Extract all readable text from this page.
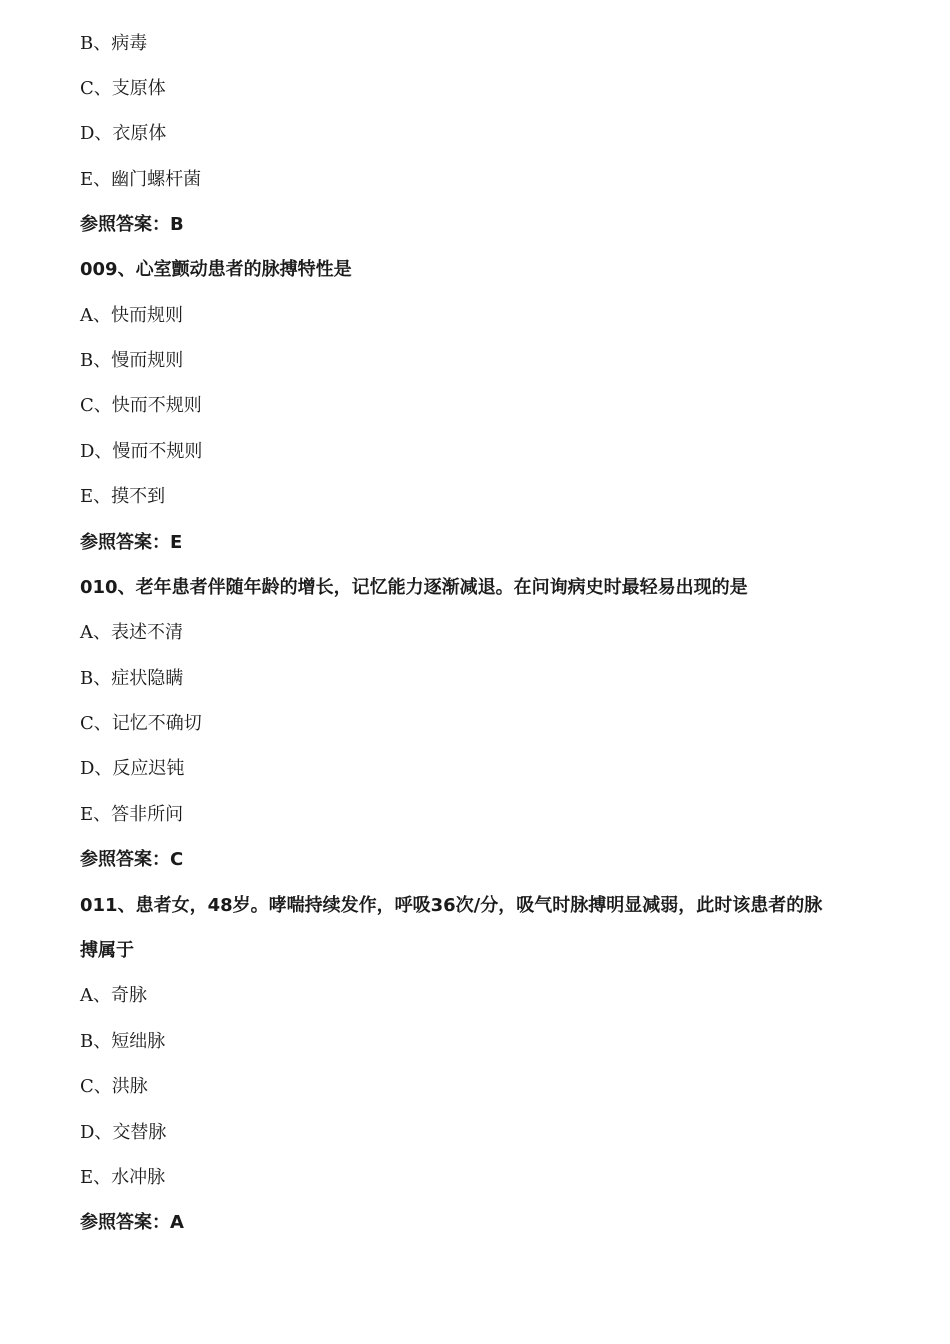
B、病毒
C、支原体
D、衣原体
E、幽门螺杆菌
参照答案：B
009、心室颤动患者的脉搏特性是
A、快而规则
B、慢而规则
C、快而不规则
D、慢而不规则
E、摸不到
参照答案：E
010、老年患者伴随年龄的增长，记忆能力逐渐减退。在问询病史时最轻易出现的是
A、表述不清
B、症状隐瞒
C、记忆不确切
D、反应迟钝
E、答非所问
参照答案：C
011、患者女，48岁。哮喘持续发作，呼吸36次/分，吸气时脉搏明显减弱，此时该患者的脉
搏属于
A、奇脉
B、短绌脉
C、洪脉
D、交替脉
E、水冲脉
参照答案：A
